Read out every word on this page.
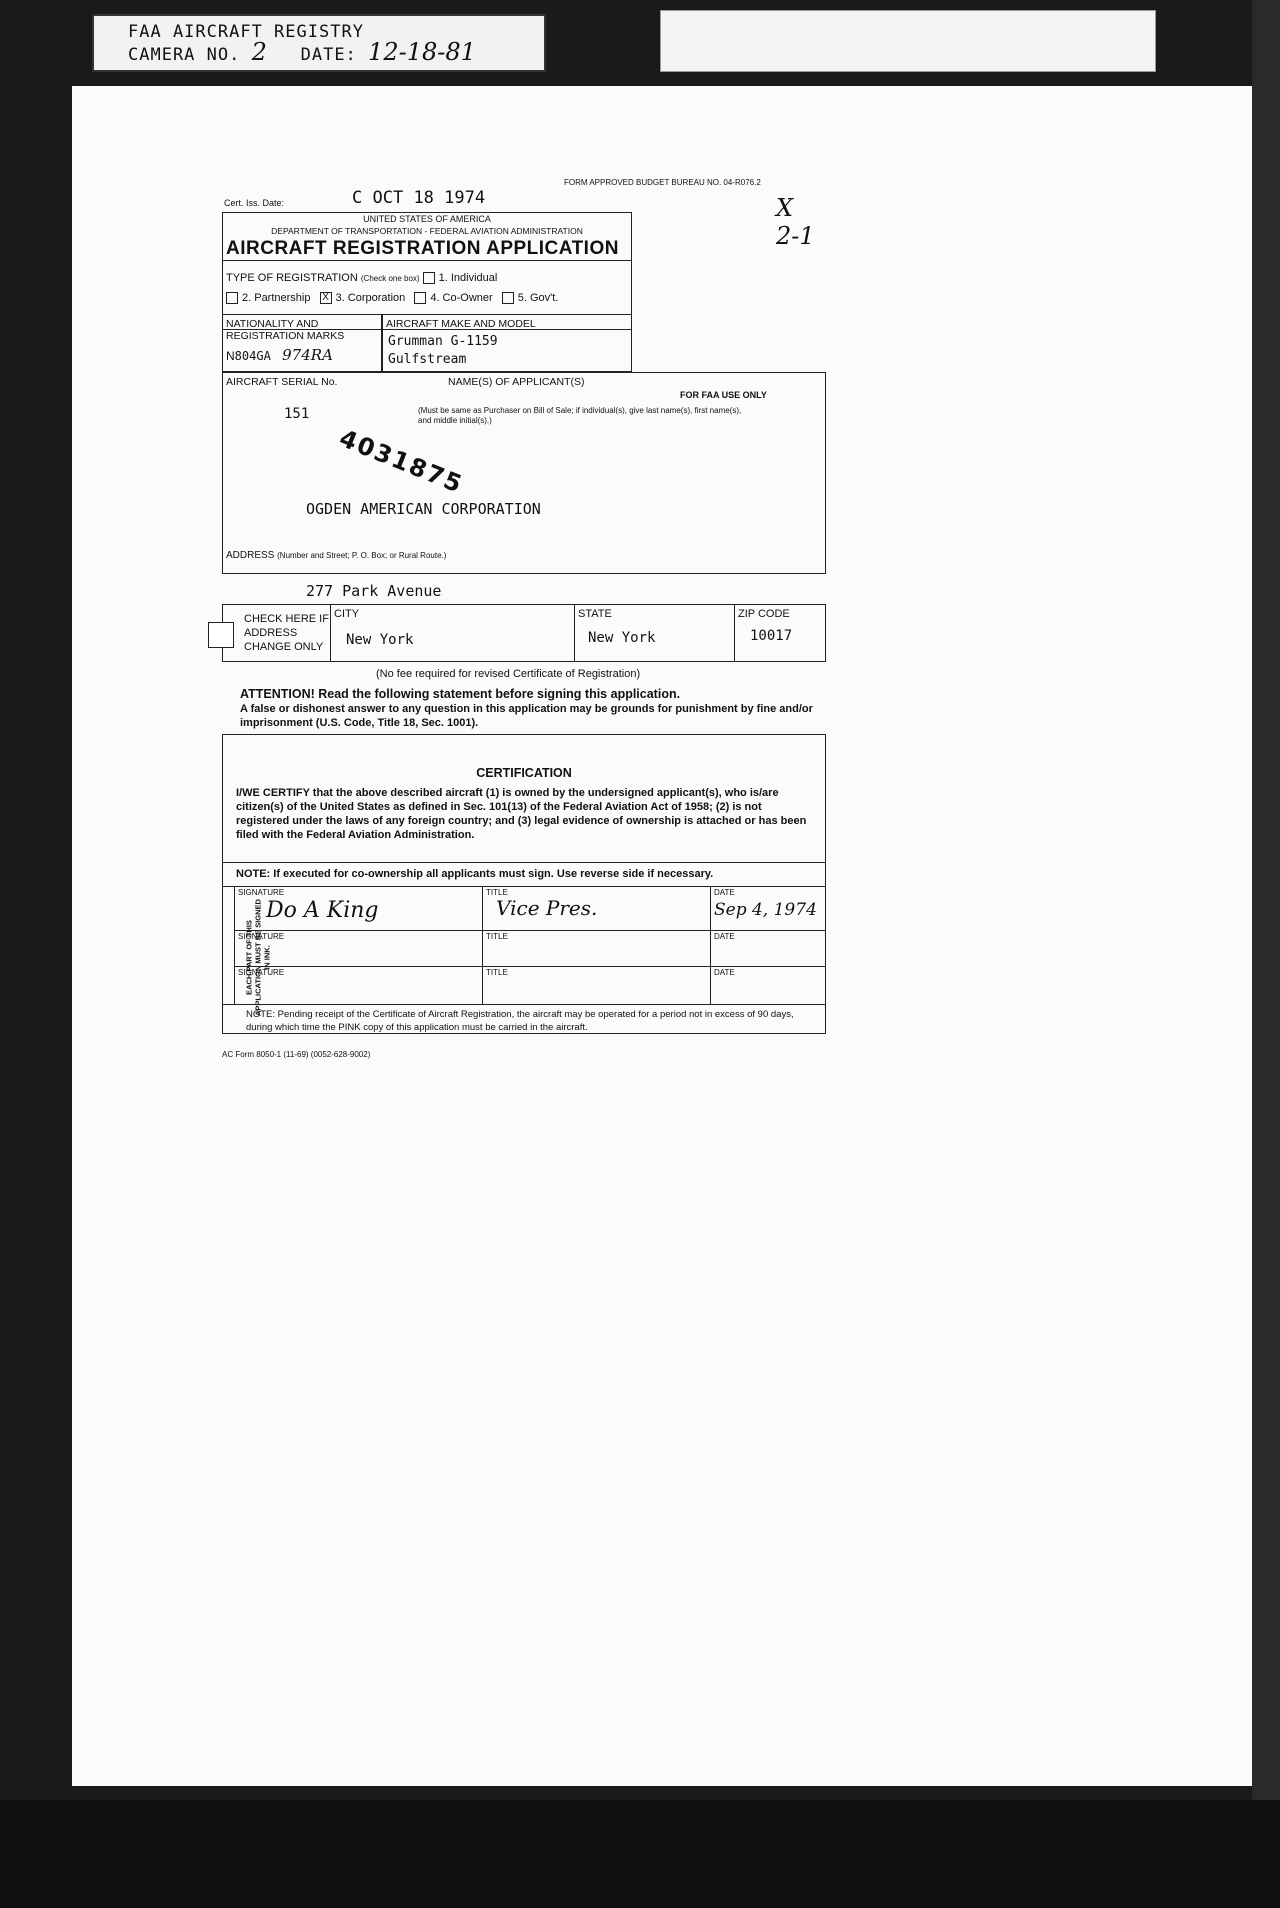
FAA AIRCRAFT REGISTRY
CAMERA NO. 2 DATE: 12-18-81
Cert. Iss. Date:	C OCT 18 1974
FORM APPROVED BUDGET BUREAU NO. 04-R076.2
X
2-1
UNITED STATES OF AMERICA
DEPARTMENT OF TRANSPORTATION - FEDERAL AVIATION ADMINISTRATION
AIRCRAFT REGISTRATION APPLICATION
TYPE OF REGISTRATION (Check one box) 1. Individual
2. Partnership X 3. Corporation 4. Co-Owner 5. Gov't.
NATIONALITY AND
REGISTRATION MARKS
N804GA 974RA
AIRCRAFT MAKE AND MODEL
Grumman G-1159
Gulfstream
AIRCRAFT SERIAL No.
151
NAME(S) OF APPLICANT(S)
(Must be same as Purchaser on Bill of Sale; if individual(s), give last name(s), first name(s), and middle initial(s).)
FOR FAA USE ONLY
4031875
OGDEN AMERICAN CORPORATION
ADDRESS (Number and Street; P. O. Box; or Rural Route.)
277 Park Avenue
CHECK HERE IF ADDRESS CHANGE ONLY
CITY
New York
STATE
New York
ZIP CODE
10017
(No fee required for revised Certificate of Registration)
ATTENTION! Read the following statement before signing this application.
A false or dishonest answer to any question in this application may be grounds for punishment by fine and/or imprisonment (U.S. Code, Title 18, Sec. 1001).
CERTIFICATION
I/WE CERTIFY that the above described aircraft (1) is owned by the undersigned applicant(s), who is/are citizen(s) of the United States as defined in Sec. 101(13) of the Federal Aviation Act of 1958; (2) is not registered under the laws of any foreign country; and (3) legal evidence of ownership is attached or has been filed with the Federal Aviation Administration.
NOTE: If executed for co-ownership all applicants must sign. Use reverse side if necessary.
EACH PART OF THIS APPLICATION MUST BE SIGNED IN INK.
SIGNATURE	TITLE	DATE
Do A King	Vice Pres.	Sep 4, 1974
SIGNATURE	TITLE	DATE
SIGNATURE	TITLE	DATE
NOTE: Pending receipt of the Certificate of Aircraft Registration, the aircraft may be operated for a period not in excess of 90 days, during which time the PINK copy of this application must be carried in the aircraft.
AC Form 8050-1 (11-69) (0052-628-9002)
